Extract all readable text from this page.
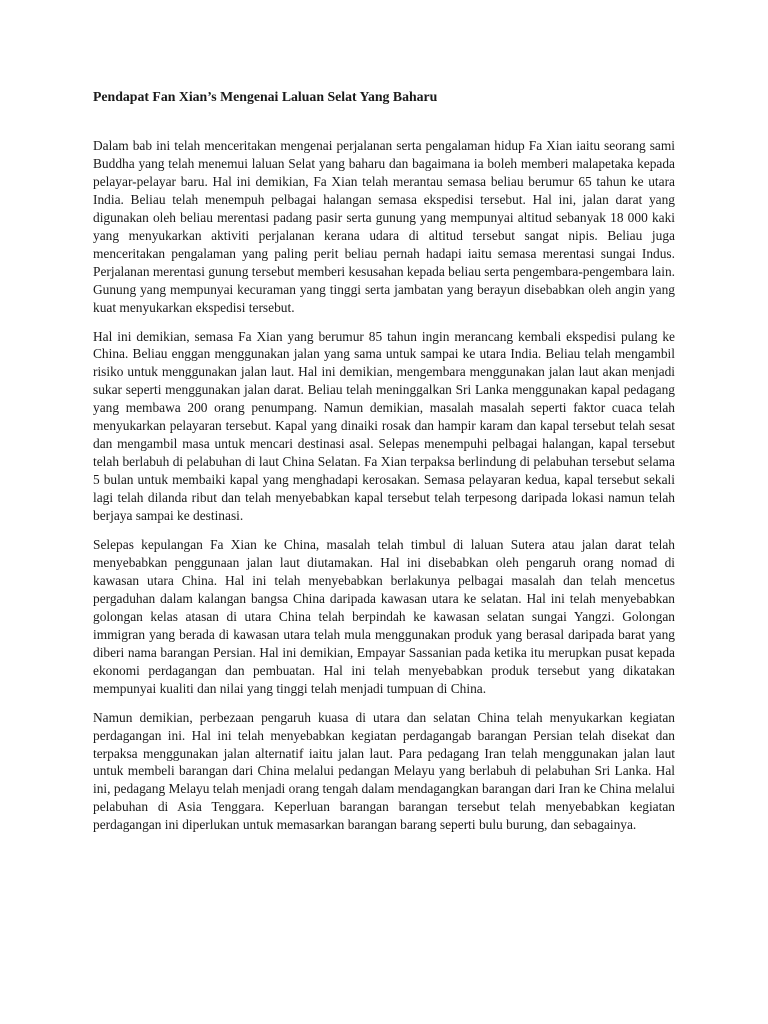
Pendapat Fan Xian’s Mengenai Laluan Selat Yang Baharu

Dalam bab ini telah menceritakan mengenai perjalanan serta pengalaman hidup Fa Xian iaitu seorang sami Buddha yang telah menemui laluan Selat yang baharu dan bagaimana ia boleh memberi malapetaka kepada pelayar-pelayar baru. Hal ini demikian, Fa Xian telah merantau semasa beliau berumur 65 tahun ke utara India. Beliau telah menempuh pelbagai halangan semasa ekspedisi tersebut. Hal ini, jalan darat yang digunakan oleh beliau merentasi padang pasir serta gunung yang mempunyai altitud sebanyak 18 000 kaki yang menyukarkan aktiviti perjalanan kerana udara di altitud tersebut sangat nipis. Beliau juga menceritakan pengalaman yang paling perit beliau pernah hadapi iaitu semasa merentasi sungai Indus. Perjalanan merentasi gunung tersebut memberi kesusahan kepada beliau serta pengembara-pengembara lain. Gunung yang mempunyai kecuraman yang tinggi serta jambatan yang berayun disebabkan oleh angin yang kuat menyukarkan ekspedisi tersebut.

Hal ini demikian, semasa Fa Xian yang berumur 85 tahun ingin merancang kembali ekspedisi pulang ke China. Beliau enggan menggunakan jalan yang sama untuk sampai ke utara India. Beliau telah mengambil risiko untuk menggunakan jalan laut. Hal ini demikian, mengembara menggunakan jalan laut akan menjadi sukar seperti menggunakan jalan darat. Beliau telah meninggalkan Sri Lanka menggunakan kapal pedagang yang membawa 200 orang penumpang. Namun demikian, masalah masalah seperti faktor cuaca telah menyukarkan pelayaran tersebut. Kapal yang dinaiki rosak dan hampir karam dan kapal tersebut telah sesat dan mengambil masa untuk mencari destinasi asal. Selepas menempuhi pelbagai halangan, kapal tersebut telah berlabuh di pelabuhan di laut China Selatan. Fa Xian terpaksa berlindung di pelabuhan tersebut selama 5 bulan untuk membaiki kapal yang menghadapi kerosakan. Semasa pelayaran kedua, kapal tersebut sekali lagi telah dilanda ribut dan telah menyebabkan kapal tersebut telah terpesong daripada lokasi namun telah berjaya sampai ke destinasi.

Selepas kepulangan Fa Xian ke China, masalah telah timbul di laluan Sutera atau jalan darat telah menyebabkan penggunaan jalan laut diutamakan. Hal ini disebabkan oleh pengaruh orang nomad di kawasan utara China. Hal ini telah menyebabkan berlakunya pelbagai masalah dan telah mencetus pergaduhan dalam kalangan bangsa China daripada kawasan utara ke selatan. Hal ini telah menyebabkan golongan kelas atasan di utara China telah berpindah ke kawasan selatan sungai Yangzi. Golongan immigran yang berada di kawasan utara telah mula menggunakan produk yang berasal daripada barat yang diberi nama barangan Persian. Hal ini demikian, Empayar Sassanian pada ketika itu merupkan pusat kepada ekonomi perdagangan dan pembuatan. Hal ini telah menyebabkan produk tersebut yang dikatakan mempunyai kualiti dan nilai yang tinggi telah menjadi tumpuan di China.

Namun demikian, perbezaan pengaruh kuasa di utara dan selatan China telah menyukarkan kegiatan perdagangan ini. Hal ini telah menyebabkan kegiatan perdagangab barangan Persian telah disekat dan terpaksa menggunakan jalan alternatif iaitu jalan laut. Para pedagang Iran telah menggunakan jalan laut untuk membeli barangan dari China melalui pedangan Melayu yang berlabuh di pelabuhan Sri Lanka. Hal ini, pedagang Melayu telah menjadi orang tengah dalam mendagangkan barangan dari Iran ke China melalui pelabuhan di Asia Tenggara. Keperluan barangan barangan tersebut telah menyebabkan kegiatan perdagangan ini diperlukan untuk memasarkan barangan barang seperti bulu burung, dan sebagainya.
